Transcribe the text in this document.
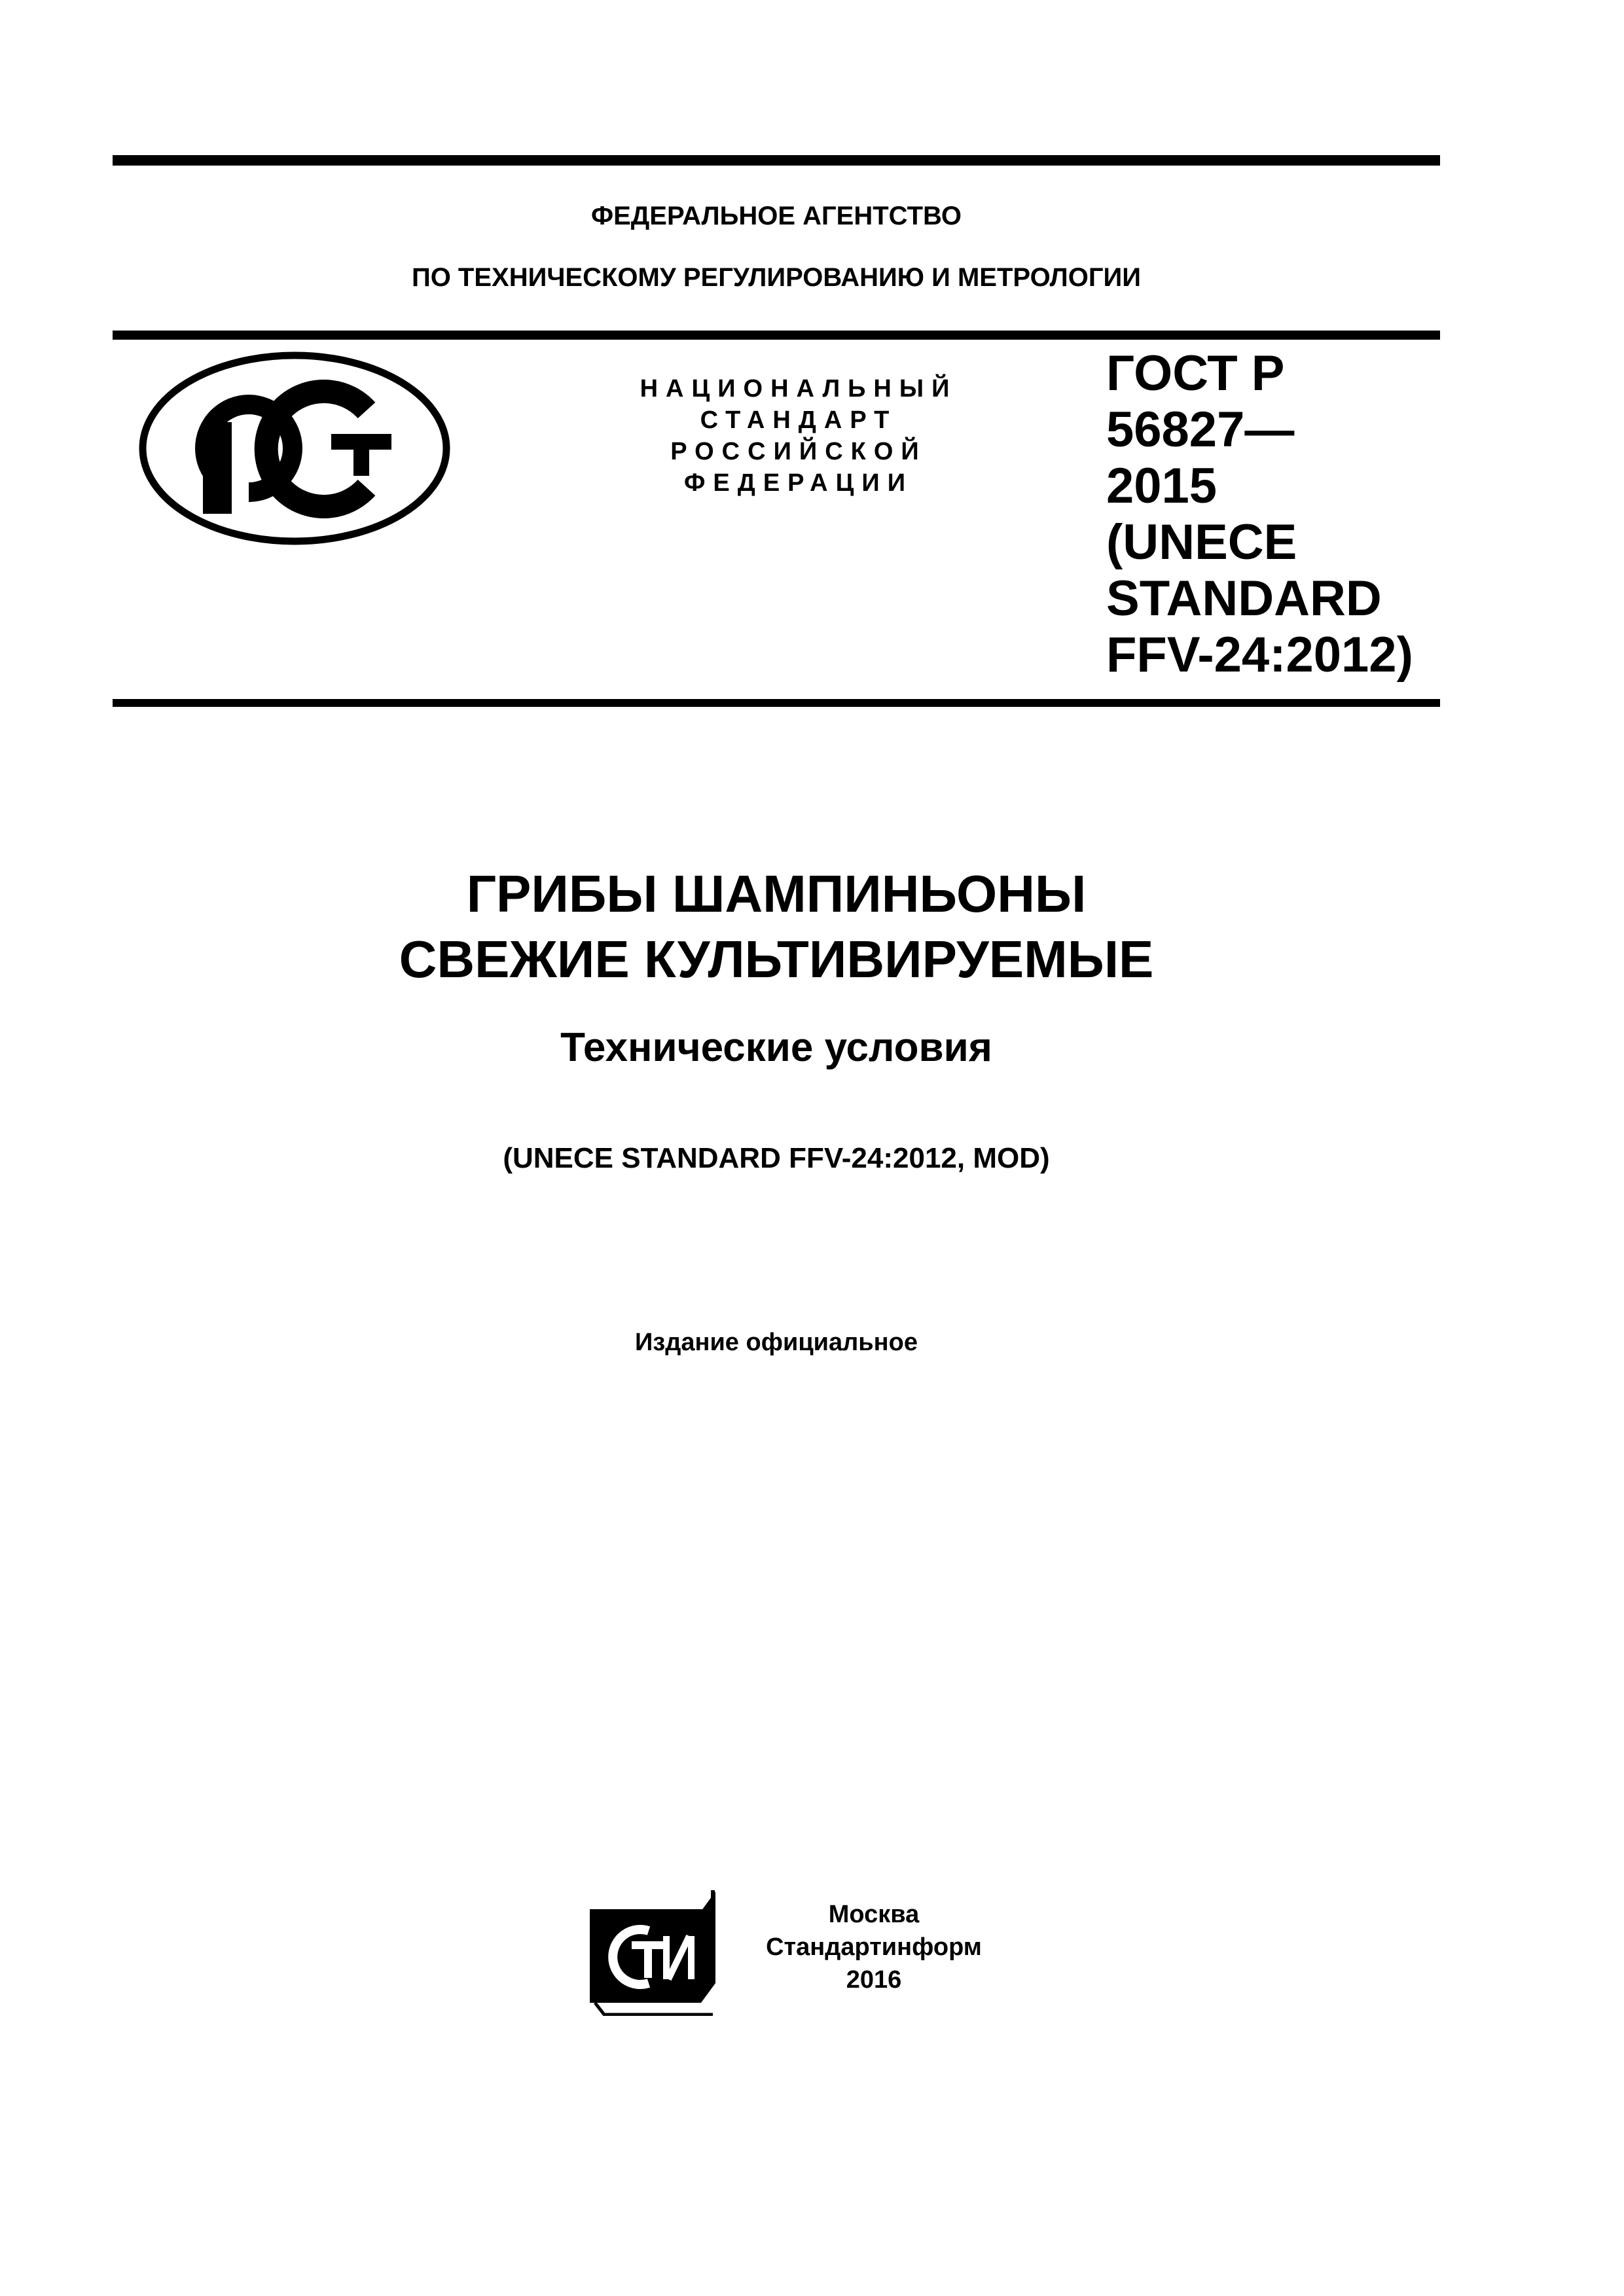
ФЕДЕРАЛЬНОЕ АГЕНТСТВО
ПО ТЕХНИЧЕСКОМУ РЕГУЛИРОВАНИЮ И МЕТРОЛОГИИ
НАЦИОНАЛЬНЫЙ
СТАНДАРТ
РОССИЙСКОЙ
ФЕДЕРАЦИИ
ГОСТ Р
56827—
2015
(UNECE
STANDARD
FFV-24:2012)
ГРИБЫ ШАМПИНЬОНЫ
СВЕЖИЕ КУЛЬТИВИРУЕМЫЕ
Технические условия
(UNECE STANDARD FFV-24:2012, MOD)
Издание официальное
Москва
Стандартинформ
2016
